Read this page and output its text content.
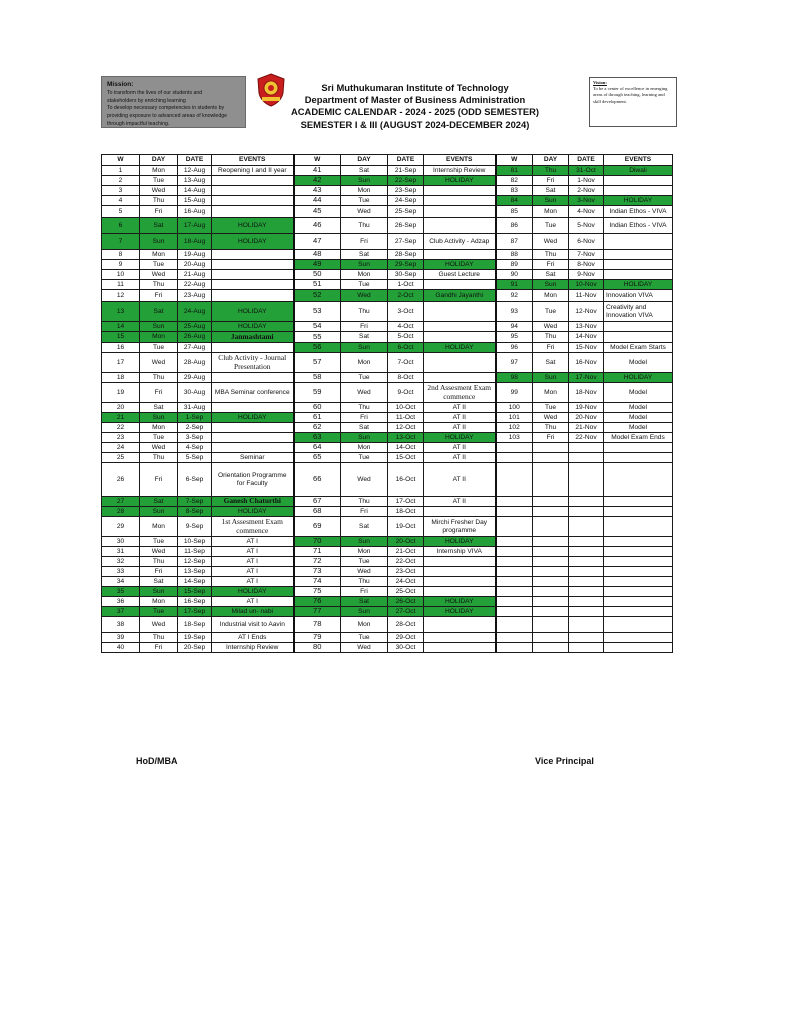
Mission:
To transform the lives of our students and
stakeholders by enriching learning
To develop necessary competencies in students by
providing exposure to advanced areas of knowledge
through impactful teaching.
Sri Muthukumaran Institute of Technology
Department of Master of Business Administration
ACADEMIC CALENDAR - 2024 - 2025 (ODD SEMESTER)
SEMESTER I & III (AUGUST 2024-DECEMBER 2024)
Vision:
To be a center of excellence in emerging areas of through teaching, learning and skill development.
W	DAY	DATE	EVENTS	W	DAY	DATE	EVENTS	W	DAY	DATE	EVENTS
1	Mon	12-Aug	Reopening I and II year	41	Sat	21-Sep	Internship Review	81	Thu	31-Oct	Diwali
2	Tue	13-Aug		42	Sun	22-Sep	HOLIDAY	82	Fri	1-Nov	
3	Wed	14-Aug		43	Mon	23-Sep		83	Sat	2-Nov	
4	Thu	15-Aug		44	Tue	24-Sep		84	Sun	3-Nov	HOLIDAY
5	Fri	16-Aug		45	Wed	25-Sep		85	Mon	4-Nov	Indian Ethos - VIVA
6	Sat	17-Aug	HOLIDAY	46	Thu	26-Sep		86	Tue	5-Nov	Indian Ethos - VIVA
7	Sun	18-Aug	HOLIDAY	47	Fri	27-Sep	Club Activity - Adzap	87	Wed	6-Nov	
8	Mon	19-Aug		48	Sat	28-Sep		88	Thu	7-Nov	
9	Tue	20-Aug		49	Sun	29-Sep	HOLIDAY	89	Fri	8-Nov	
10	Wed	21-Aug		50	Mon	30-Sep	Guest Lecture	90	Sat	9-Nov	
11	Thu	22-Aug		51	Tue	1-Oct		91	Sun	10-Nov	HOLIDAY
12	Fri	23-Aug		52	Wed	2-Oct	Gandhi Jayanthi	92	Mon	11-Nov	Innovation VIVA
13	Sat	24-Aug	HOLIDAY	53	Thu	3-Oct		93	Tue	12-Nov	Creativity and Innovation VIVA
14	Sun	25-Aug	HOLIDAY	54	Fri	4-Oct		94	Wed	13-Nov	
15	Mon	26-Aug	Janmashtami	55	Sat	5-Oct		95	Thu	14-Nov	
16	Tue	27-Aug		56	Sun	6-Oct	HOLIDAY	96	Fri	15-Nov	Model Exam Starts
17	Wed	28-Aug	Club Activity - Journal Presentation	57	Mon	7-Oct		97	Sat	16-Nov	Model
18	Thu	29-Aug		58	Tue	8-Oct		98	Sun	17-Nov	HOLIDAY
19	Fri	30-Aug	MBA Seminar conference	59	Wed	9-Oct	2nd Assesment Exam commence	99	Mon	18-Nov	Model
20	Sat	31-Aug		60	Thu	10-Oct	AT II	100	Tue	19-Nov	Model
21	Sun	1-Sep	HOLIDAY	61	Fri	11-Oct	AT II	101	Wed	20-Nov	Model
22	Mon	2-Sep		62	Sat	12-Oct	AT II	102	Thu	21-Nov	Model
23	Tue	3-Sep		63	Sun	13-Oct	HOLIDAY	103	Fri	22-Nov	Model Exam Ends
24	Wed	4-Sep		64	Mon	14-Oct	AT II				
25	Thu	5-Sep	Seminar	65	Tue	15-Oct	AT II				
26	Fri	6-Sep	Orientation Programme for Faculty	66	Wed	16-Oct	AT II				
27	Sat	7-Sep	Ganesh Chaturthi	67	Thu	17-Oct	AT II				
28	Sun	8-Sep	HOLIDAY	68	Fri	18-Oct					
29	Mon	9-Sep	1st Assesment Exam commence	69	Sat	19-Oct	Mirchi Fresher Day programme				
30	Tue	10-Sep	AT I	70	Sun	20-Oct	HOLIDAY				
31	Wed	11-Sep	AT I	71	Mon	21-Oct	Internship VIVA				
32	Thu	12-Sep	AT I	72	Tue	22-Oct					
33	Fri	13-Sep	AT I	73	Wed	23-Oct					
34	Sat	14-Sep	AT I	74	Thu	24-Oct					
35	Sun	15-Sep	HOLIDAY	75	Fri	25-Oct					
36	Mon	16-Sep	AT I	76	Sat	26-Oct	HOLIDAY				
37	Tue	17-Sep	Milad un- nabi	77	Sun	27-Oct	HOLIDAY				
38	Wed	18-Sep	Industrial visit to Aavin	78	Mon	28-Oct					
39	Thu	19-Sep	AT I Ends	79	Tue	29-Oct					
40	Fri	20-Sep	Internship Review	80	Wed	30-Oct					
HoD/MBA	Vice Principal
